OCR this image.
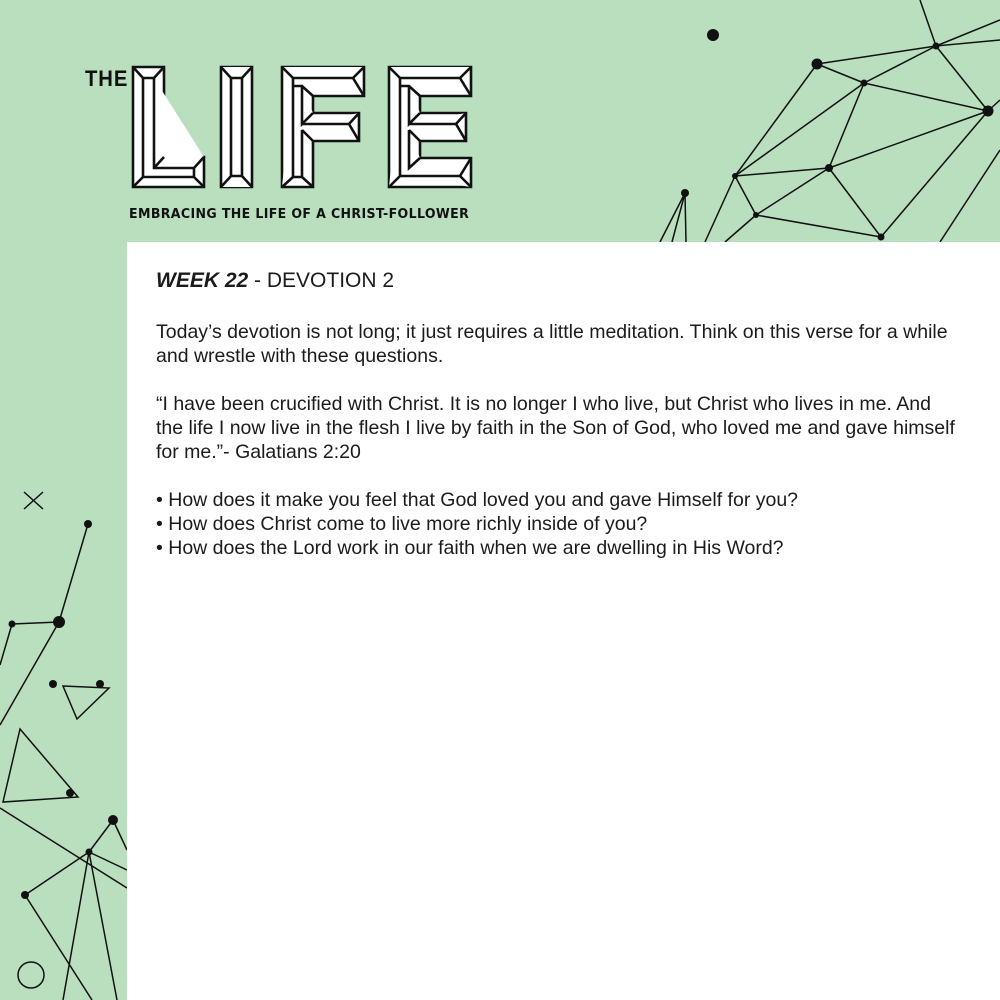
THE
EMBRACING THE LIFE OF A CHRIST-FOLLOWER
WEEK 22 - DEVOTION 2

Today’s devotion is not long; it just requires a little meditation. Think on this verse for a while and wrestle with these questions.

“I have been crucified with Christ. It is no longer I who live, but Christ who lives in me. And the life I now live in the flesh I live by faith in the Son of God, who loved me and gave himself for me.”- Galatians 2:20

• How does it make you feel that God loved you and gave Himself for you?
• How does Christ come to live more richly inside of you?
• How does the Lord work in our faith when we are dwelling in His Word?
